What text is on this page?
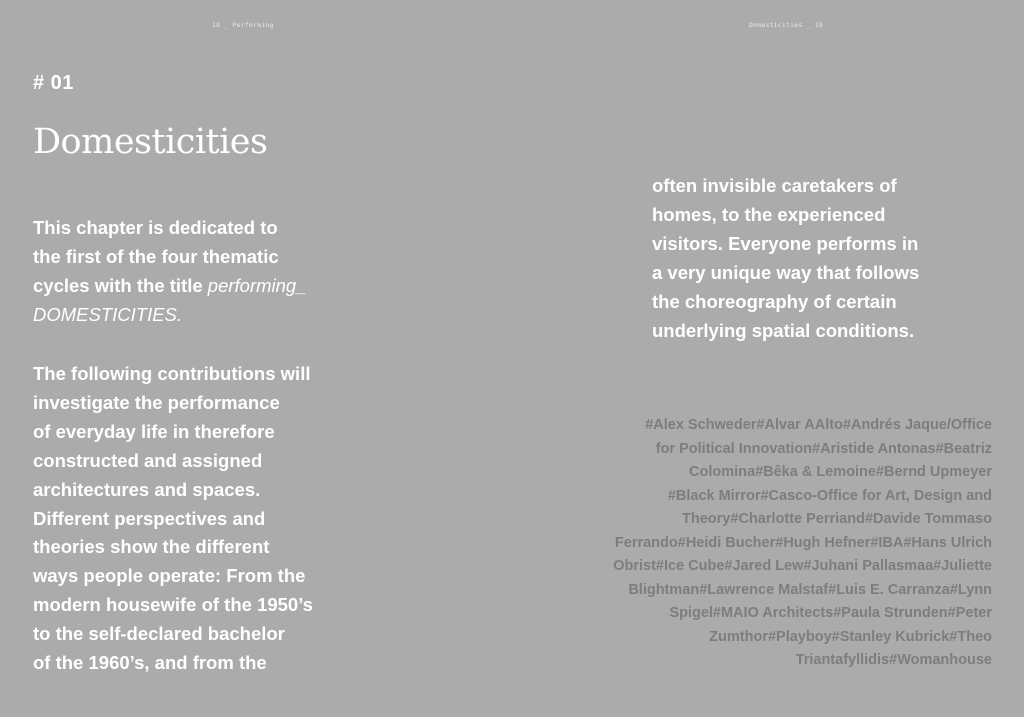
18 _ Performing	Domesticities _ 19
# 01
Domesticities

This chapter is dedicated to
the first of the four thematic
cycles with the title performing_
DOMESTICITIES.

The following contributions will
investigate the performance
of everyday life in therefore
constructed and assigned
architectures and spaces.
Different perspectives and
theories show the different
ways people operate: From the
modern housewife of the 1950’s
to the self-declared bachelor
of the 1960’s, and from the

often invisible caretakers of
homes, to the experienced
visitors. Everyone performs in
a very unique way that follows
the choreography of certain
underlying spatial conditions.

#Alex Schweder#Alvar AAlto#Andrés Jaque/Office
for Political Innovation#Aristide Antonas#Beatriz
Colomina#Bêka & Lemoine#Bernd Upmeyer
#Black Mirror#Casco-Office for Art, Design and
Theory#Charlotte Perriand#Davide Tommaso
Ferrando#Heidi Bucher#Hugh Hefner#IBA#Hans Ulrich
Obrist#Ice Cube#Jared Lew#Juhani Pallasmaa#Juliette
Blightman#Lawrence Malstaf#Luis E. Carranza#Lynn
Spigel#MAIO Architects#Paula Strunden#Peter
Zumthor#Playboy#Stanley Kubrick#Theo
Triantafyllidis#Womanhouse
